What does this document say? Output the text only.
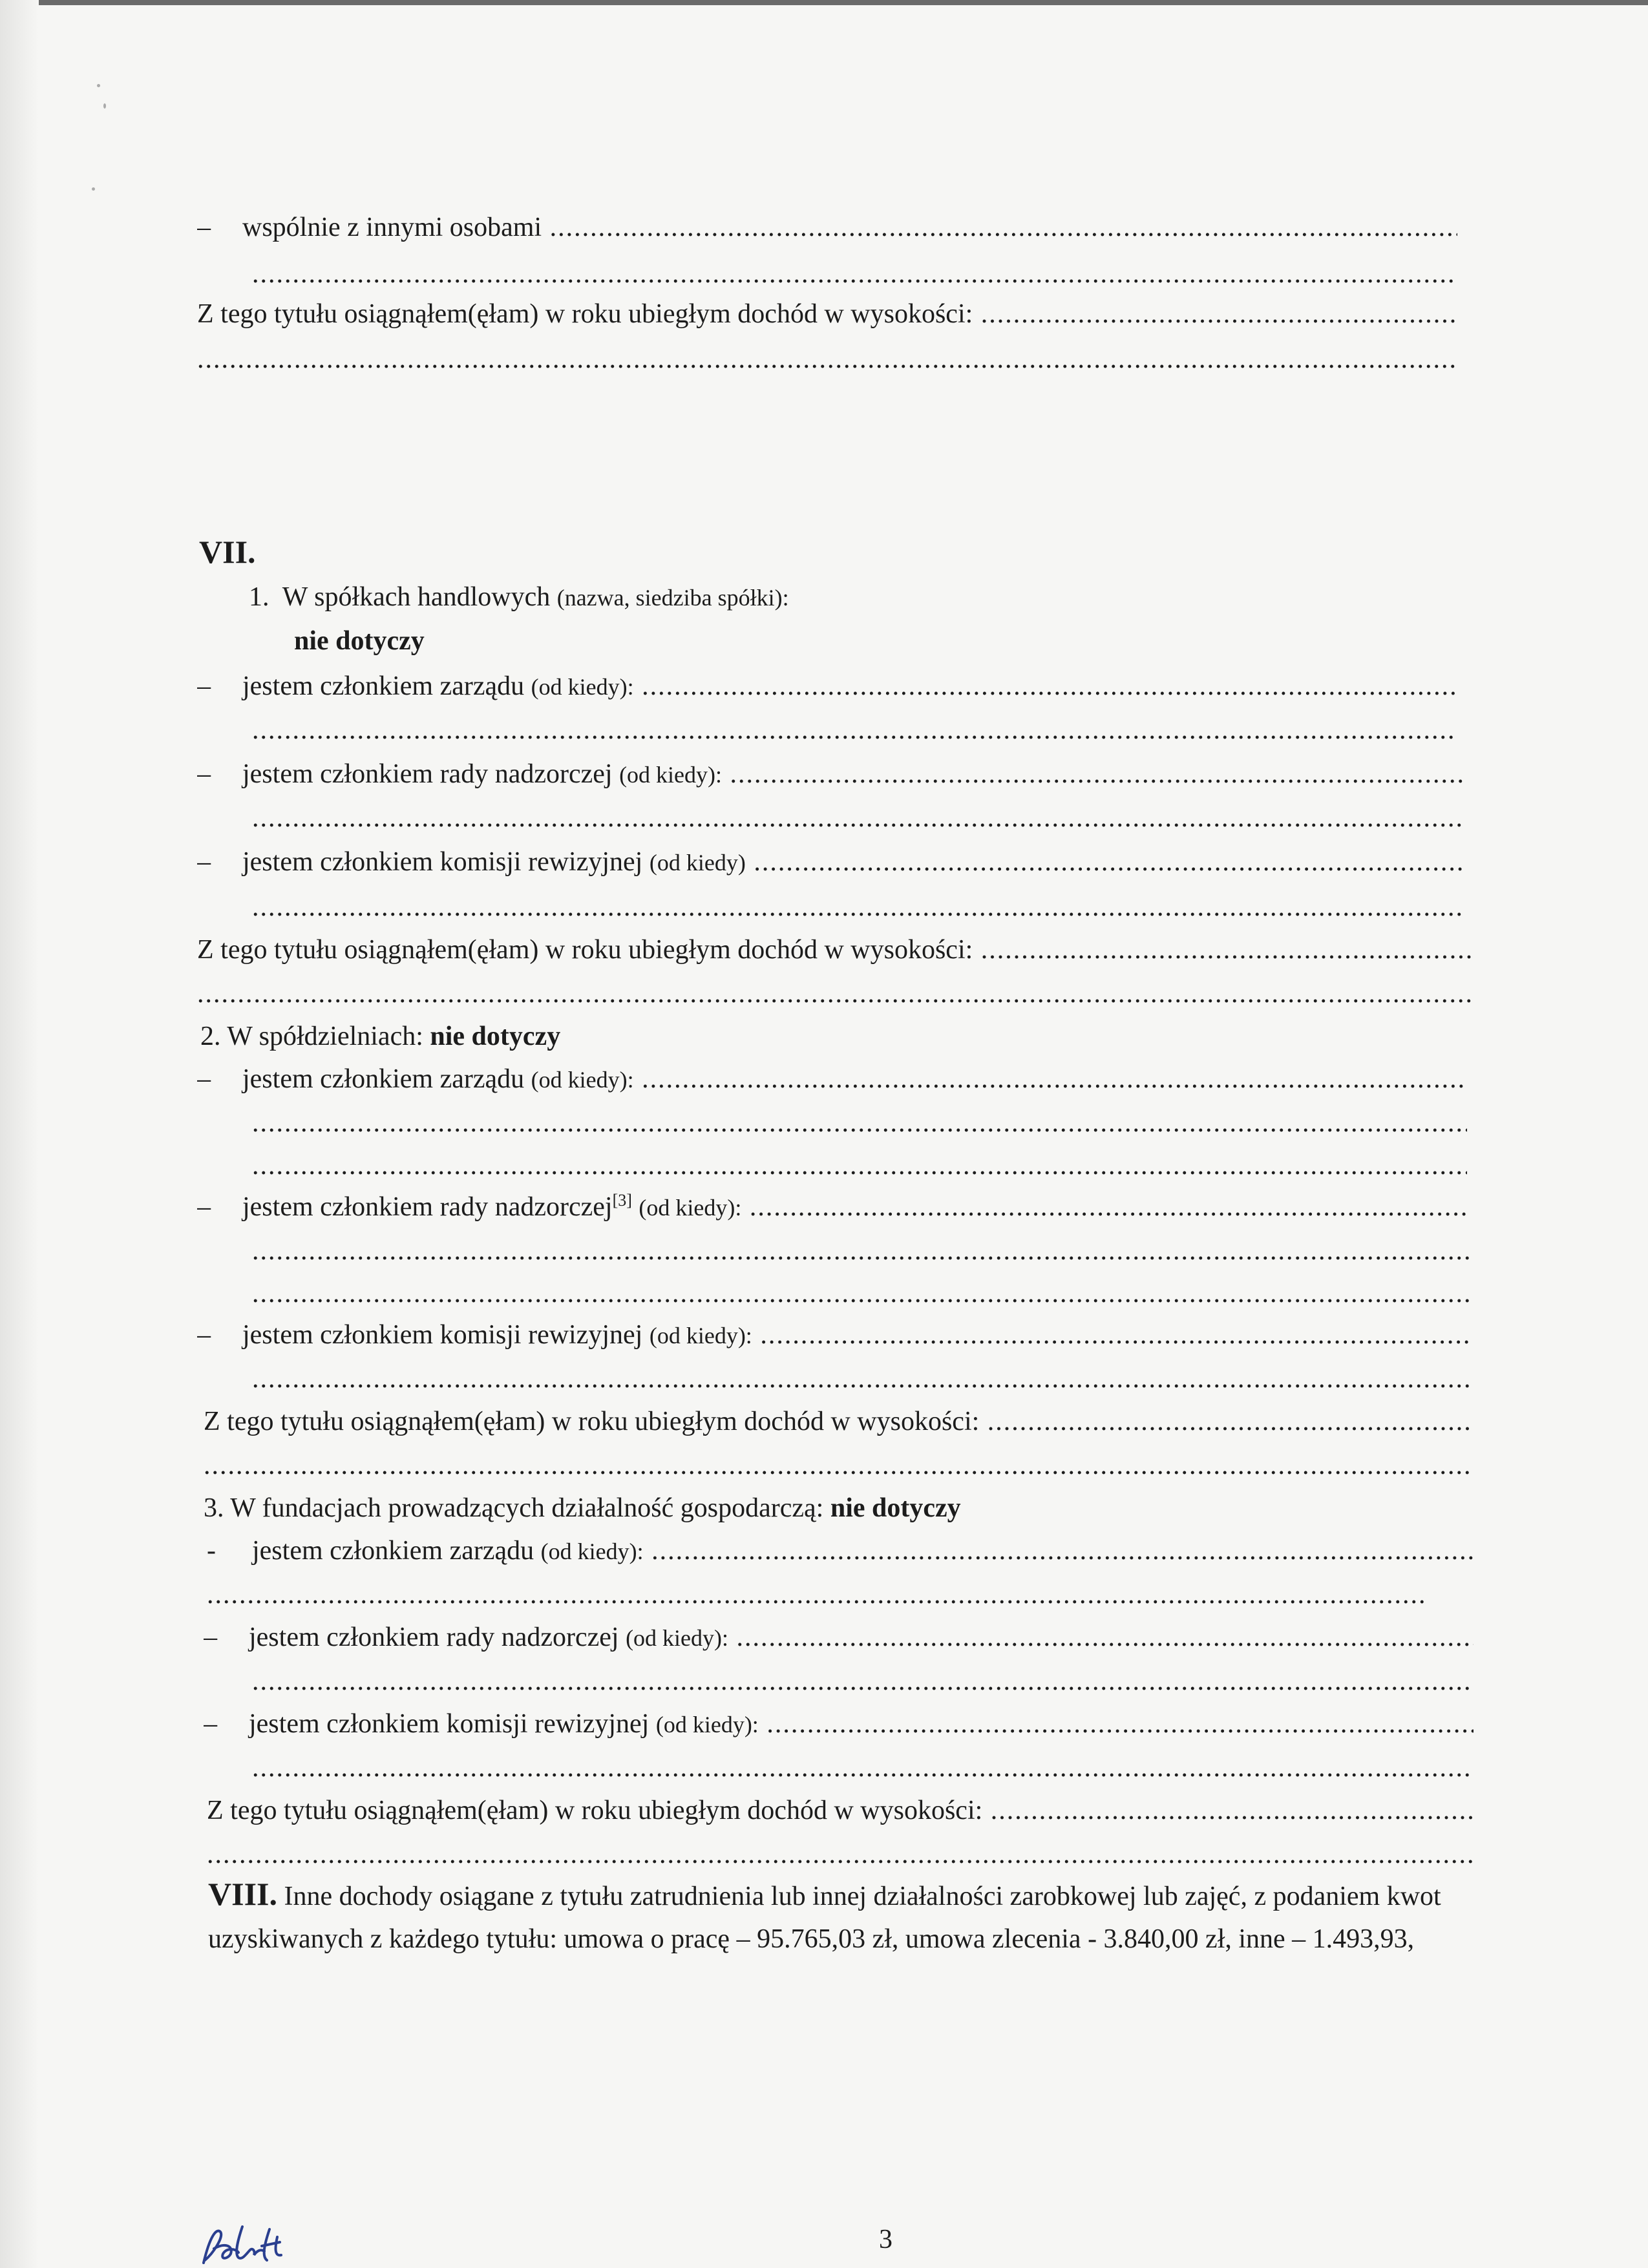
– wspólnie z innymi osobami .....
.....
Z tego tytułu osiągnąłem(ęłam) w roku ubiegłym dochód w wysokości: .....
.....
VII.
1. W spółkach handlowych (nazwa, siedziba spółki):
nie dotyczy
– jestem członkiem zarządu (od kiedy): .....
.....
– jestem członkiem rady nadzorczej (od kiedy): .....
.....
– jestem członkiem komisji rewizyjnej (od kiedy) .....
.....
Z tego tytułu osiągnąłem(ęłam) w roku ubiegłym dochód w wysokości: .....
.....
2. W spółdzielniach: nie dotyczy
– jestem członkiem zarządu (od kiedy): .....
.....
.....
– jestem członkiem rady nadzorczej[3] (od kiedy): .....
.....
.....
– jestem członkiem komisji rewizyjnej (od kiedy): .....
.....
Z tego tytułu osiągnąłem(ęłam) w roku ubiegłym dochód w wysokości: .....
.....
3. W fundacjach prowadzących działalność gospodarczą: nie dotyczy
- jestem członkiem zarządu (od kiedy): .....
.....
– jestem członkiem rady nadzorczej (od kiedy): .....
.....
– jestem członkiem komisji rewizyjnej (od kiedy): .....
.....
Z tego tytułu osiągnąłem(ęłam) w roku ubiegłym dochód w wysokości: .....
.....
VIII. Inne dochody osiągane z tytułu zatrudnienia lub innej działalności zarobkowej lub zajęć, z podaniem kwot uzyskiwanych z każdego tytułu: umowa o pracę – 95.765,03 zł, umowa zlecenia - 3.840,00 zł, inne – 1.493,93,
3
